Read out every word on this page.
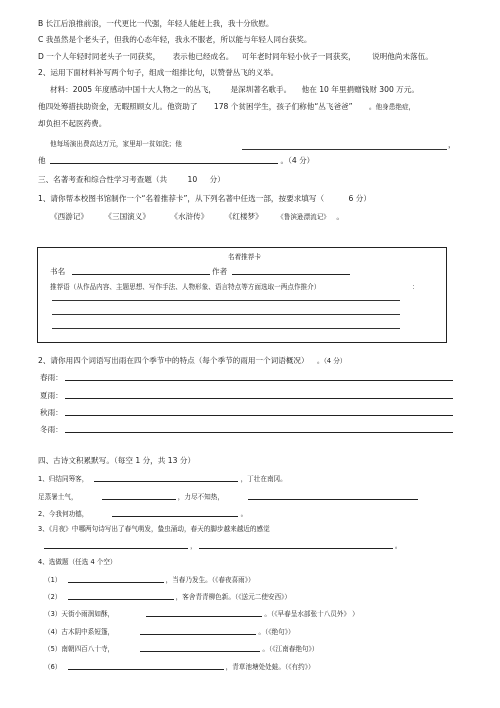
B 长江后浪推前浪，一代更比一代强，年轻人能赶上我，我十分欣慰。
C 我虽然是个老头子，但我的心态年轻，我永不服老，所以能与年轻人同台获奖。
D 一个人年轻时同老头子一同获奖， 表示他已经成名。 可年老时同年轻小伙子一同获奖， 说明他尚未落伍。
2、运用下面材料补写两个句子，组成一组排比句，以赞誉丛飞的义举。
材料：2005 年度感动中国十大人物之一的丛飞， 是深圳著名歌手。 他在 10 年里捐赠钱财 300 万元。
他四处筹措扶助资金，无暇照顾女儿。他资助了 178 个贫困学生，孩子们称他“丛飞爸爸” 。他身患绝症，
却负担不起医药费。
他每场演出费高达万元，家里却一贫如洗；他	，
他	。（4 分）
三、名著考查和综合性学习考查题（共	10 分）
1、请你帮本校图书馆制作一个“名着推荐卡”，从下列名著中任选一部，按要求填写（	6 分）
《西游记》 《三国演义》	《水浒传》 《红楼梦》 《鲁滨逊漂流记》 。
名着推荐卡
书名	作者
推荐语（从作品内容、主题思想、写作手法、人物形象、语言特点等方面选取一两点作推介）	：
2、请你用四个词语写出雨在四个季节中的特点（每个季节的雨用一个词语概况） 。（4 分）
春雨：
夏雨：
秋雨：
冬雨：
四、古诗文积累默写。（每空 1 分，共 13 分）
1、归结同筹客，	，丁壮在南冈。
足蒸暑土气，	，力尽不知热，
2、今我何功德，	。
3、《月夜》中哪两句诗写出了春气萌发，蛰虫涌动，春天的脚步越来越近的感觉
，	。
4、选做题（任选 4 个空）
（1）	，当春乃发生。（《春夜喜雨》）
（2）	，客舍青青柳色新。（《送元二使安西》）
（3）天街小雨润如酥，	。（《早春呈水部张十八员外》 ）
（4）古木阴中系短篷，	。（《绝句》）
（5）南朝四百八十寺，	。（《江南春绝句》）
（6）	，青草池塘处处蛙。（《有约》）
